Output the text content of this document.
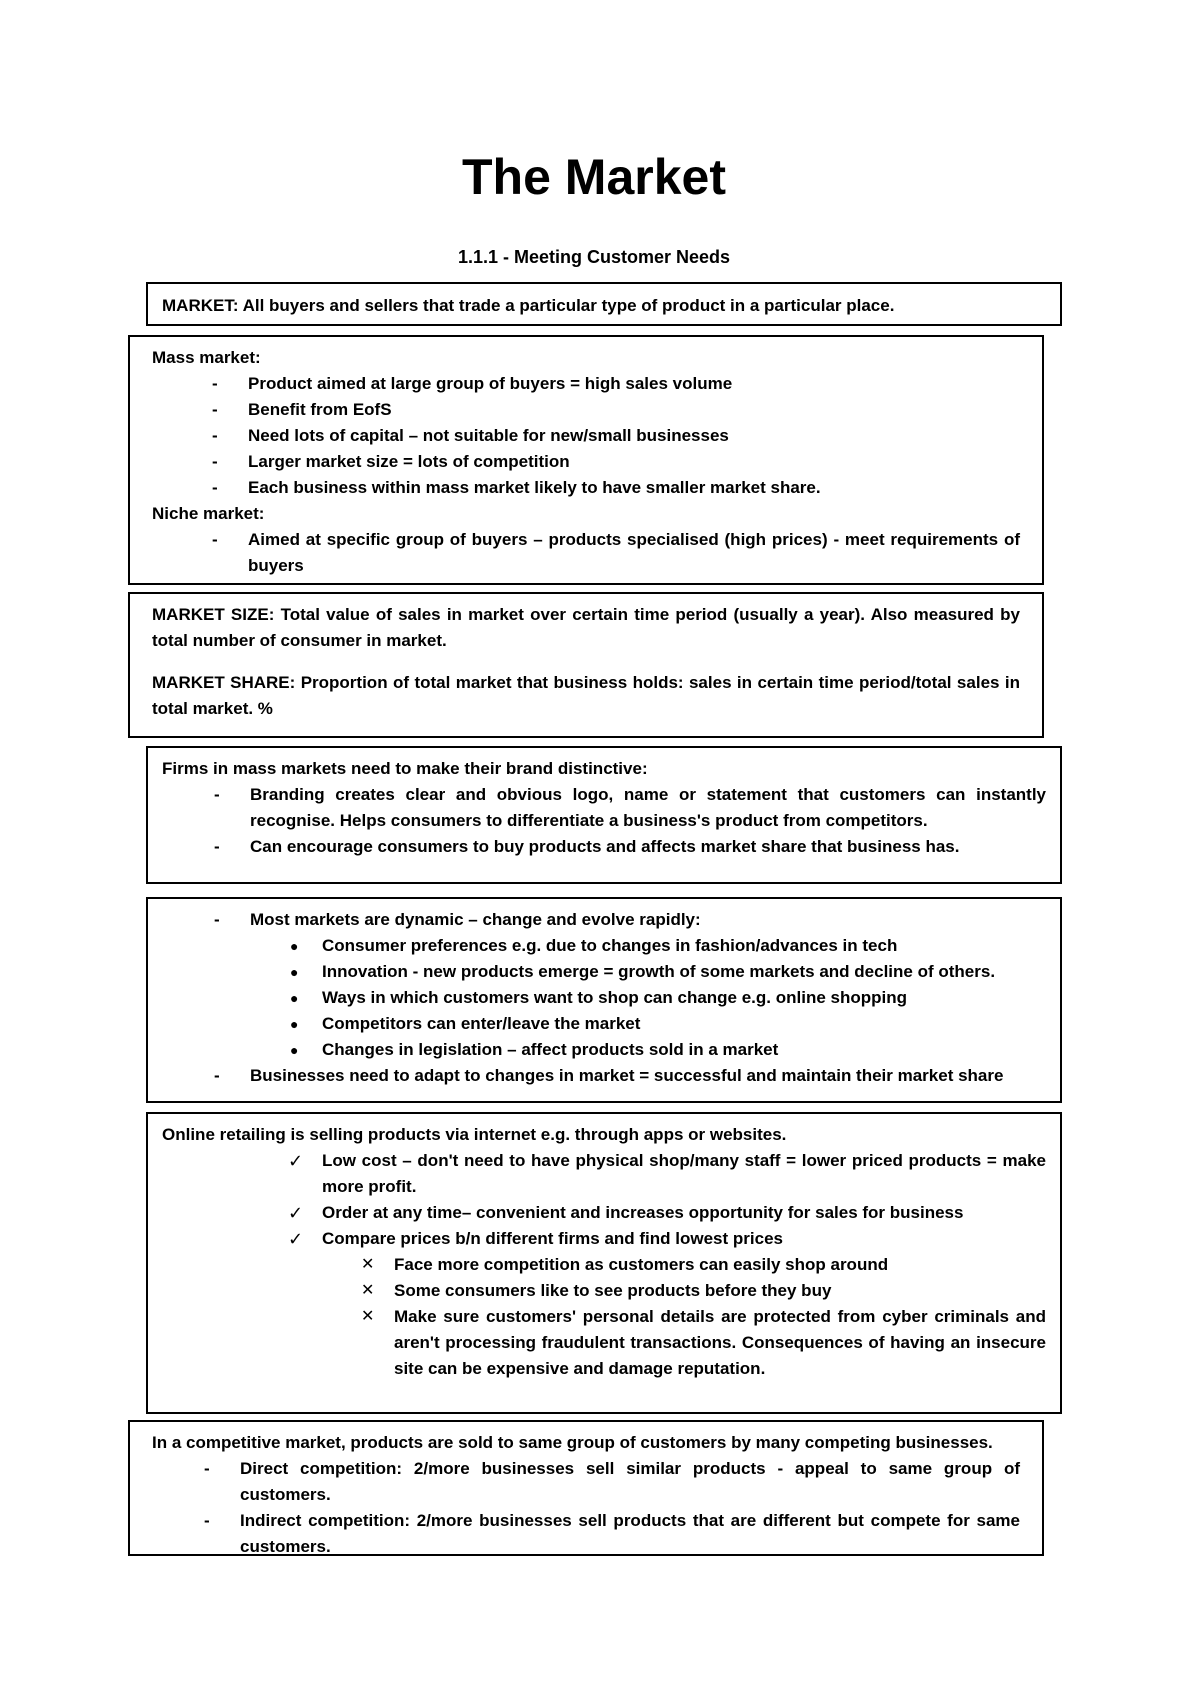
The Market
1.1.1 - Meeting Customer Needs

MARKET: All buyers and sellers that trade a particular type of product in a particular place.

Mass market:

- Product aimed at large group of buyers = high sales volume
- Benefit from EofS
- Need lots of capital – not suitable for new/small businesses
- Larger market size = lots of competition
- Each business within mass market likely to have smaller market share.

Niche market:

- Aimed at specific group of buyers – products specialised (high prices) - meet requirements of buyers

MARKET SIZE: Total value of sales in market over certain time period (usually a year). Also measured by total number of consumer in market.

MARKET SHARE: Proportion of total market that business holds: sales in certain time period/total sales in total market. %

Firms in mass markets need to make their brand distinctive:

- Branding creates clear and obvious logo, name or statement that customers can instantly recognise. Helps consumers to differentiate a business's product from competitors.
- Can encourage consumers to buy products and affects market share that business has.
- Most markets are dynamic – change and evolve rapidly:
● Consumer preferences e.g. due to changes in fashion/advances in tech
● Innovation - new products emerge = growth of some markets and decline of others.
● Ways in which customers want to shop can change e.g. online shopping
● Competitors can enter/leave the market
● Changes in legislation – affect products sold in a market
- Businesses need to adapt to changes in market = successful and maintain their market share

Online retailing is selling products via internet e.g. through apps or websites.

✓ Low cost – don't need to have physical shop/many staff = lower priced products = make more profit.
✓ Order at any time– convenient and increases opportunity for sales for business
✓ Compare prices b/n different firms and find lowest prices
✕ Face more competition as customers can easily shop around
✕ Some consumers like to see products before they buy
✕ Make sure customers' personal details are protected from cyber criminals and aren't processing fraudulent transactions. Consequences of having an insecure site can be expensive and damage reputation.

In a competitive market, products are sold to same group of customers by many competing businesses.

- Direct competition: 2/more businesses sell similar products - appeal to same group of customers.
- Indirect competition: 2/more businesses sell products that are different but compete for same customers.
